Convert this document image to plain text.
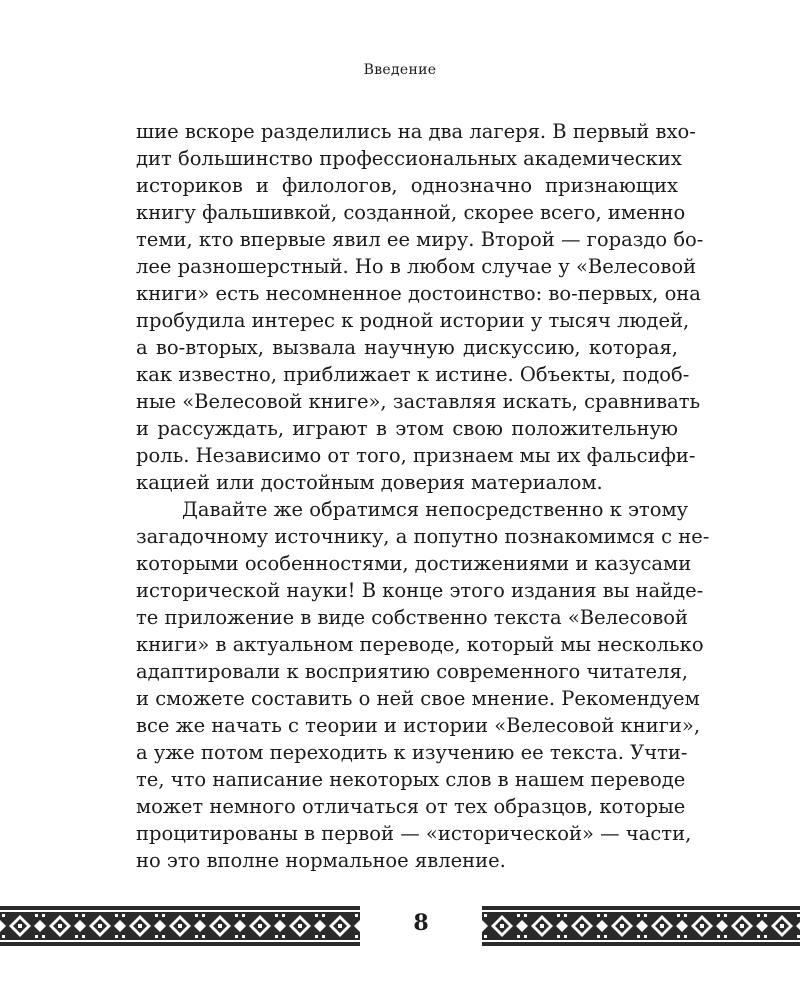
Введение

шие вскоре разделились на два лагеря. В первый вхо-
дит большинство профессиональных академических
историков и филологов, однозначно признающих
книгу фальшивкой, созданной, скорее всего, именно
теми, кто впервые явил ее миру. Второй — гораздо бо-
лее разношерстный. Но в любом случае у «Велесовой
книги» есть несомненное достоинство: во-первых, она
пробудила интерес к родной истории у тысяч людей,
а во-вторых, вызвала научную дискуссию, которая,
как известно, приближает к истине. Объекты, подоб-
ные «Велесовой книге», заставляя искать, сравнивать
и рассуждать, играют в этом свою положительную
роль. Независимо от того, признаем мы их фальсифи-
кацией или достойным доверия материалом.

Давайте же обратимся непосредственно к этому
загадочному источнику, а попутно познакомимся с не-
которыми особенностями, достижениями и казусами
исторической науки! В конце этого издания вы найде-
те приложение в виде собственно текста «Велесовой
книги» в актуальном переводе, который мы несколько
адаптировали к восприятию современного читателя,
и сможете составить о ней свое мнение. Рекомендуем
все же начать с теории и истории «Велесовой книги»,
а уже потом переходить к изучению ее текста. Учти-
те, что написание некоторых слов в нашем переводе
может немного отличаться от тех образцов, которые
процитированы в первой — «исторической» — части,
но это вполне нормальное явление.

8
